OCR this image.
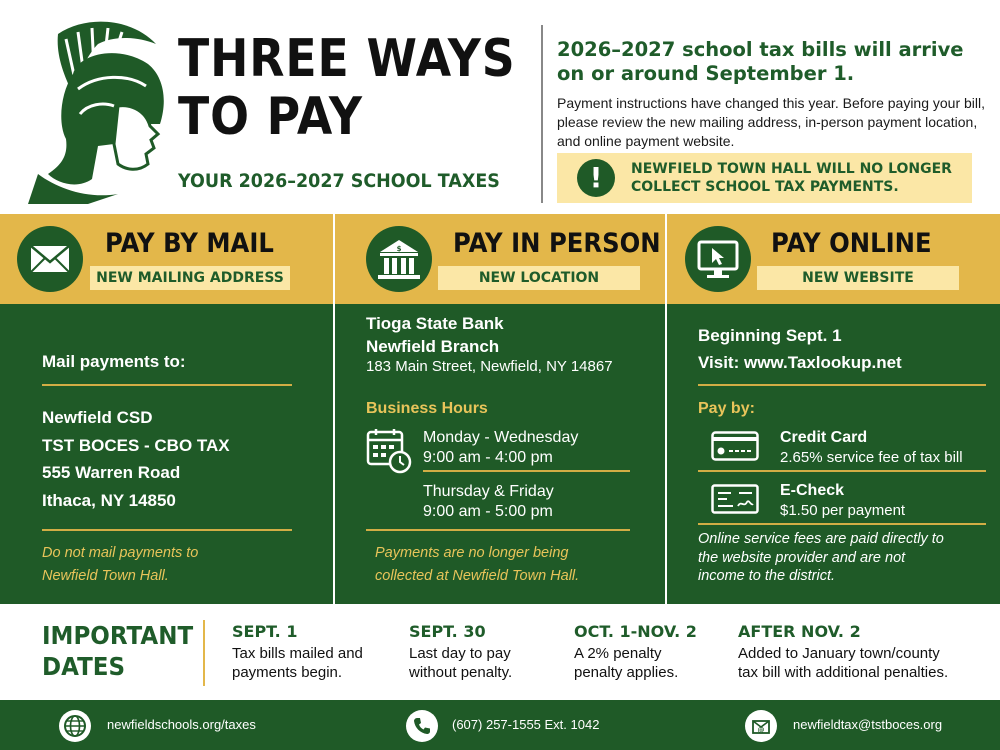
THREE WAYS
TO PAY
YOUR 2026–2027 SCHOOL TAXES
2026–2027 school tax bills will arrive on or around September 1.
Payment instructions have changed this year. Before paying your bill, please review the new mailing address, in-person payment location, and online payment website.
!	NEWFIELD TOWN HALL WILL NO LONGER
COLLECT SCHOOL TAX PAYMENTS.
PAY BY MAIL
NEW MAILING ADDRESS
Mail payments to:
Newfield CSD
TST BOCES - CBO TAX
555 Warren Road
Ithaca, NY 14850
Do not mail payments to
Newfield Town Hall.
$ PAY IN PERSON
NEW LOCATION
Tioga State Bank
Newfield Branch
183 Main Street, Newfield, NY 14867
Business Hours
Monday - Wednesday
9:00 am - 4:00 pm
Thursday & Friday
9:00 am - 5:00 pm
Payments are no longer being
collected at Newfield Town Hall.
PAY ONLINE
NEW WEBSITE
Beginning Sept. 1
Visit: www.Taxlookup.net
Pay by:
Credit Card
2.65% service fee of tax bill
E-Check
$1.50 per payment
Online service fees are paid directly to
the website provider and are not
income to the district.
IMPORTANT
DATES
SEPT. 1
Tax bills mailed and
payments begin.
SEPT. 30
Last day to pay
without penalty.
OCT. 1-NOV. 2
A 2% penalty
penalty applies.
AFTER NOV. 2
Added to January town/county
tax bill with additional penalties.
newfieldschools.org/taxes	(607) 257-1555 Ext. 1042	@ newfieldtax@tstboces.org
